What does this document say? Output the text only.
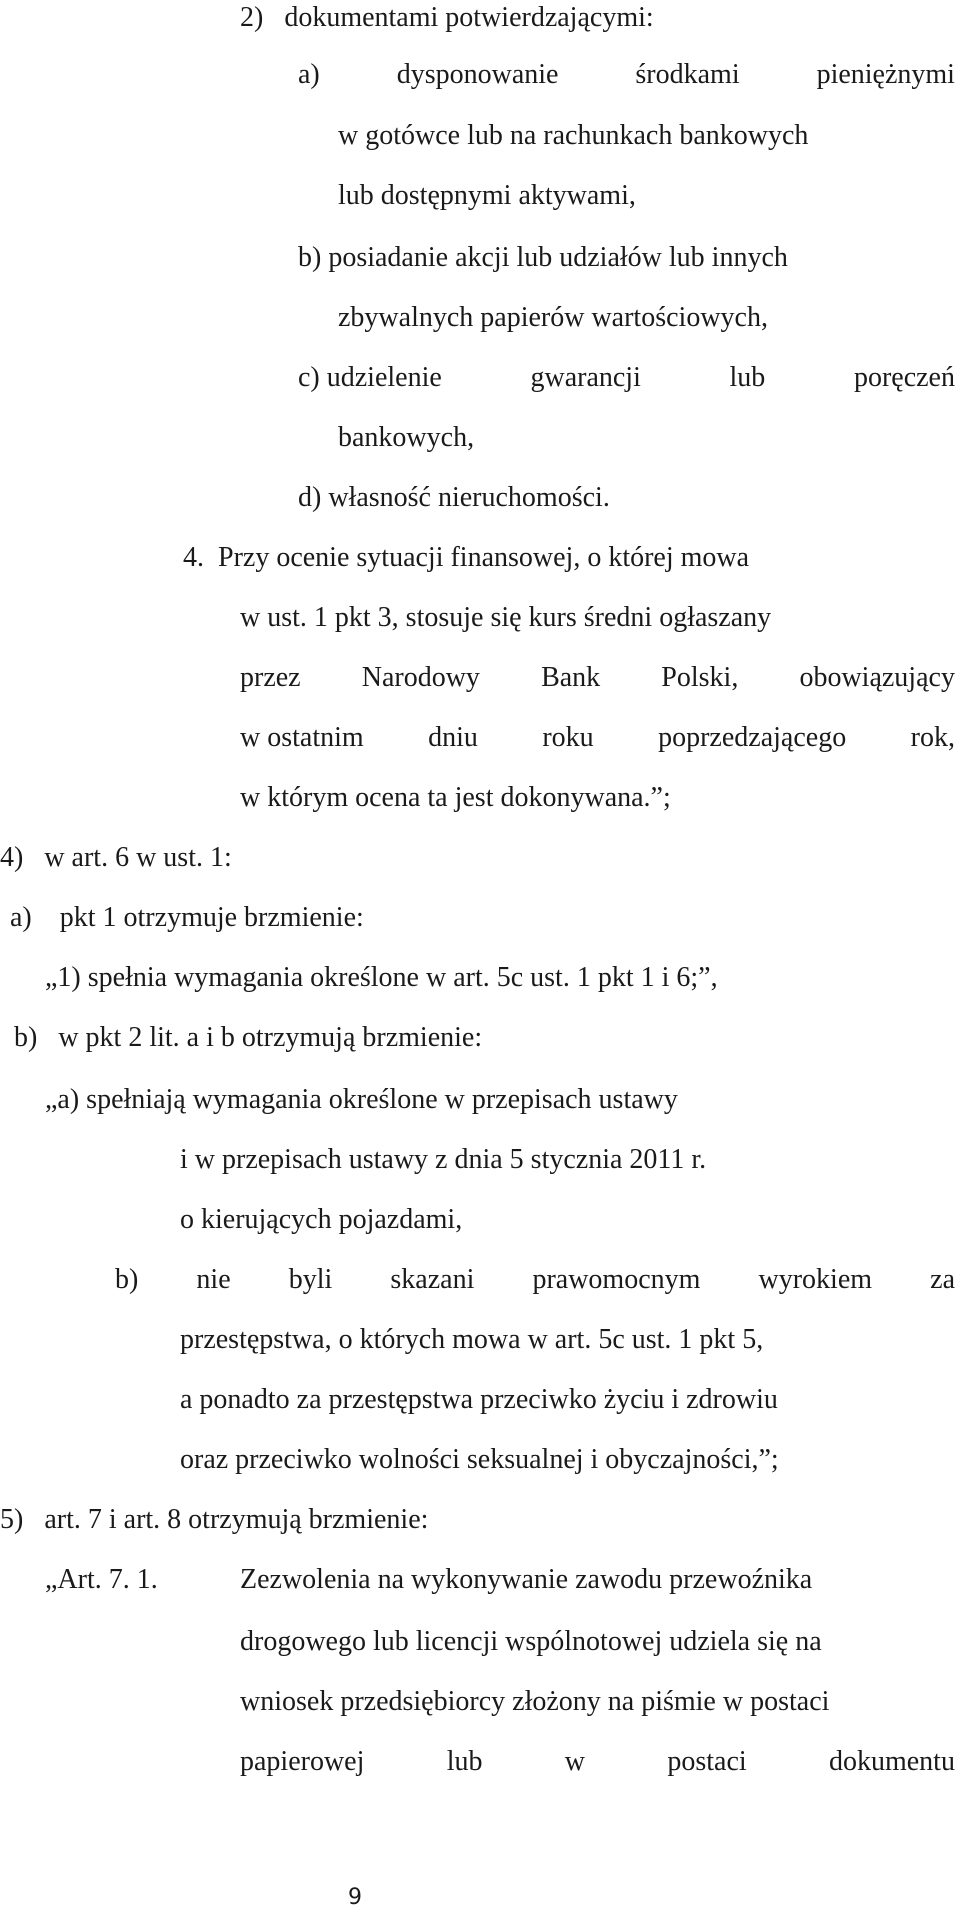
2)   dokumentami potwierdzającymi:
a)	dysponowanie	środkami	pieniężnymi
w gotówce lub na rachunkach bankowych
lub dostępnymi aktywami,
b) posiadanie akcji lub udziałów lub innych
zbywalnych papierów wartościowych,
c) udzielenie	gwarancji	lub	poręczeń
bankowych,
d) własność nieruchomości.
4.  Przy ocenie sytuacji finansowej, o której mowa
w ust. 1 pkt 3, stosuje się kurs średni ogłaszany
przez Narodowy Bank Polski, obowiązujący
w ostatnim dniu roku poprzedzającego rok,
w którym ocena ta jest dokonywana.”;
4)   w art. 6 w ust. 1:
a)    pkt 1 otrzymuje brzmienie:
„1) spełnia wymagania określone w art. 5c ust. 1 pkt 1 i 6;”,
b)   w pkt 2 lit. a i b otrzymują brzmienie:
„a) spełniają wymagania określone w przepisach ustawy
i w przepisach ustawy z dnia 5 stycznia 2011 r.
o kierujących pojazdami,
b) nie byli skazani prawomocnym wyrokiem za
przestępstwa, o których mowa w art. 5c ust. 1 pkt 5,
a ponadto za przestępstwa przeciwko życiu i zdrowiu
oraz przeciwko wolności seksualnej i obyczajności,”;
5)   art. 7 i art. 8 otrzymują brzmienie:
„Art. 7. 1.	Zezwolenia na wykonywanie zawodu przewoźnika
drogowego lub licencji wspólnotowej udziela się na
wniosek przedsiębiorcy złożony na piśmie w postaci
papierowej	lub	w	postaci	dokumentu
9
